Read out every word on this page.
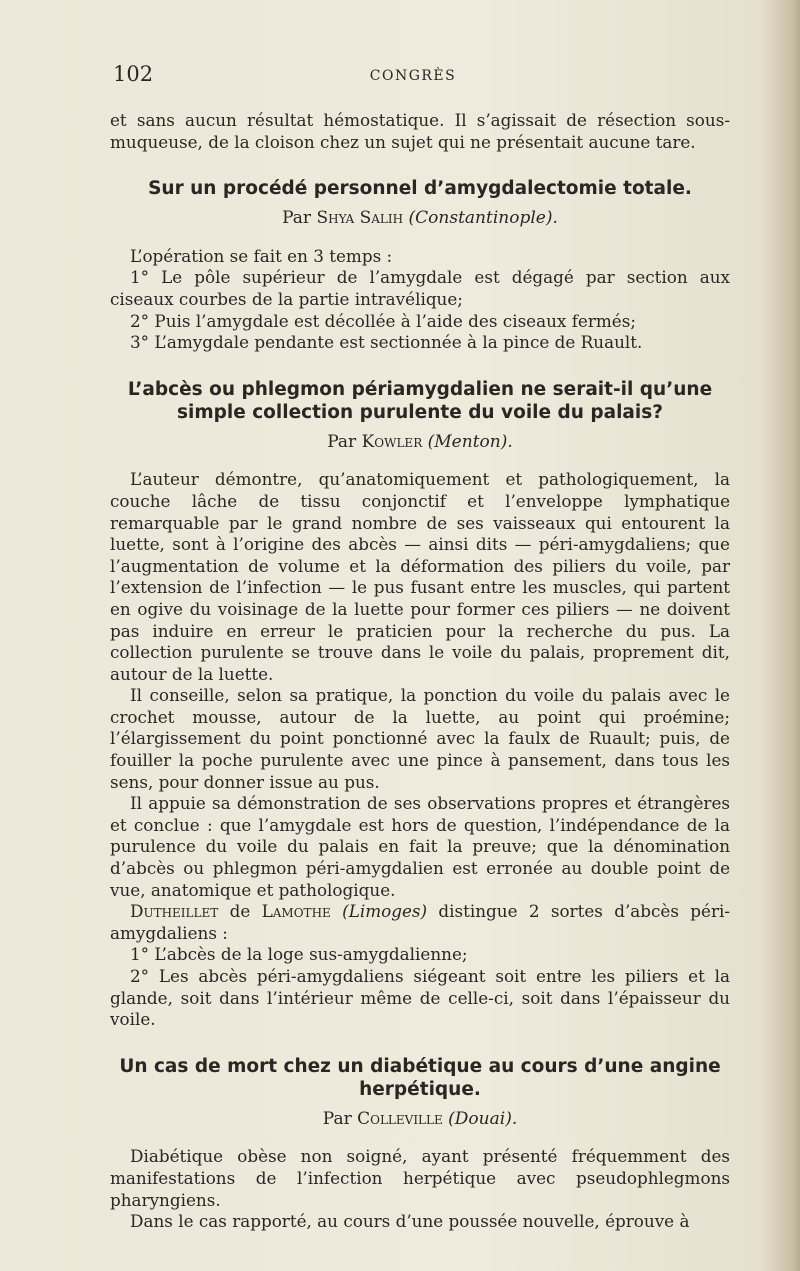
102	CONGRÈS

et sans aucun résultat hémostatique. Il s’agissait de résection sous-muqueuse, de la cloison chez un sujet qui ne présentait aucune tare.

Sur un procédé personnel d’amygdalectomie totale.
Par Shya Salih (Constantinople).

L’opération se fait en 3 temps :

1° Le pôle supérieur de l’amygdale est dégagé par section aux ciseaux courbes de la partie intravélique;

2° Puis l’amygdale est décollée à l’aide des ciseaux fermés;

3° L’amygdale pendante est sectionnée à la pince de Ruault.

L’abcès ou phlegmon périamygdalien ne serait-il qu’une
simple collection purulente du voile du palais?
Par Kowler (Menton).

L’auteur démontre, qu’anatomiquement et pathologiquement, la couche lâche de tissu conjonctif et l’enveloppe lymphatique remarquable par le grand nombre de ses vaisseaux qui entourent la luette, sont à l’origine des abcès — ainsi dits — péri-amygdaliens; que l’augmentation de volume et la déformation des piliers du voile, par l’extension de l’infection — le pus fusant entre les muscles, qui partent en ogive du voisinage de la luette pour former ces piliers — ne doivent pas induire en erreur le praticien pour la recherche du pus. La collection purulente se trouve dans le voile du palais, proprement dit, autour de la luette.

Il conseille, selon sa pratique, la ponction du voile du palais avec le crochet mousse, autour de la luette, au point qui proémine; l’élargissement du point ponctionné avec la faulx de Ruault; puis, de fouiller la poche purulente avec une pince à pansement, dans tous les sens, pour donner issue au pus.

Il appuie sa démonstration de ses observations propres et étrangères et conclue : que l’amygdale est hors de question, l’indépendance de la purulence du voile du palais en fait la preuve; que la dénomination d’abcès ou phlegmon péri-amygdalien est erronée au double point de vue, anatomique et pathologique.

Dutheillet de Lamothe (Limoges) distingue 2 sortes d’abcès péri-amygdaliens :

1° L’abcès de la loge sus-amygdalienne;

2° Les abcès péri-amygdaliens siégeant soit entre les piliers et la glande, soit dans l’intérieur même de celle-ci, soit dans l’épaisseur du voile.

Un cas de mort chez un diabétique au cours d’une angine
herpétique.
Par Colleville (Douai).

Diabétique obèse non soigné, ayant présenté fréquemment des manifestations de l’infection herpétique avec pseudophlegmons pharyngiens.

Dans le cas rapporté, au cours d’une poussée nouvelle, éprouve à
